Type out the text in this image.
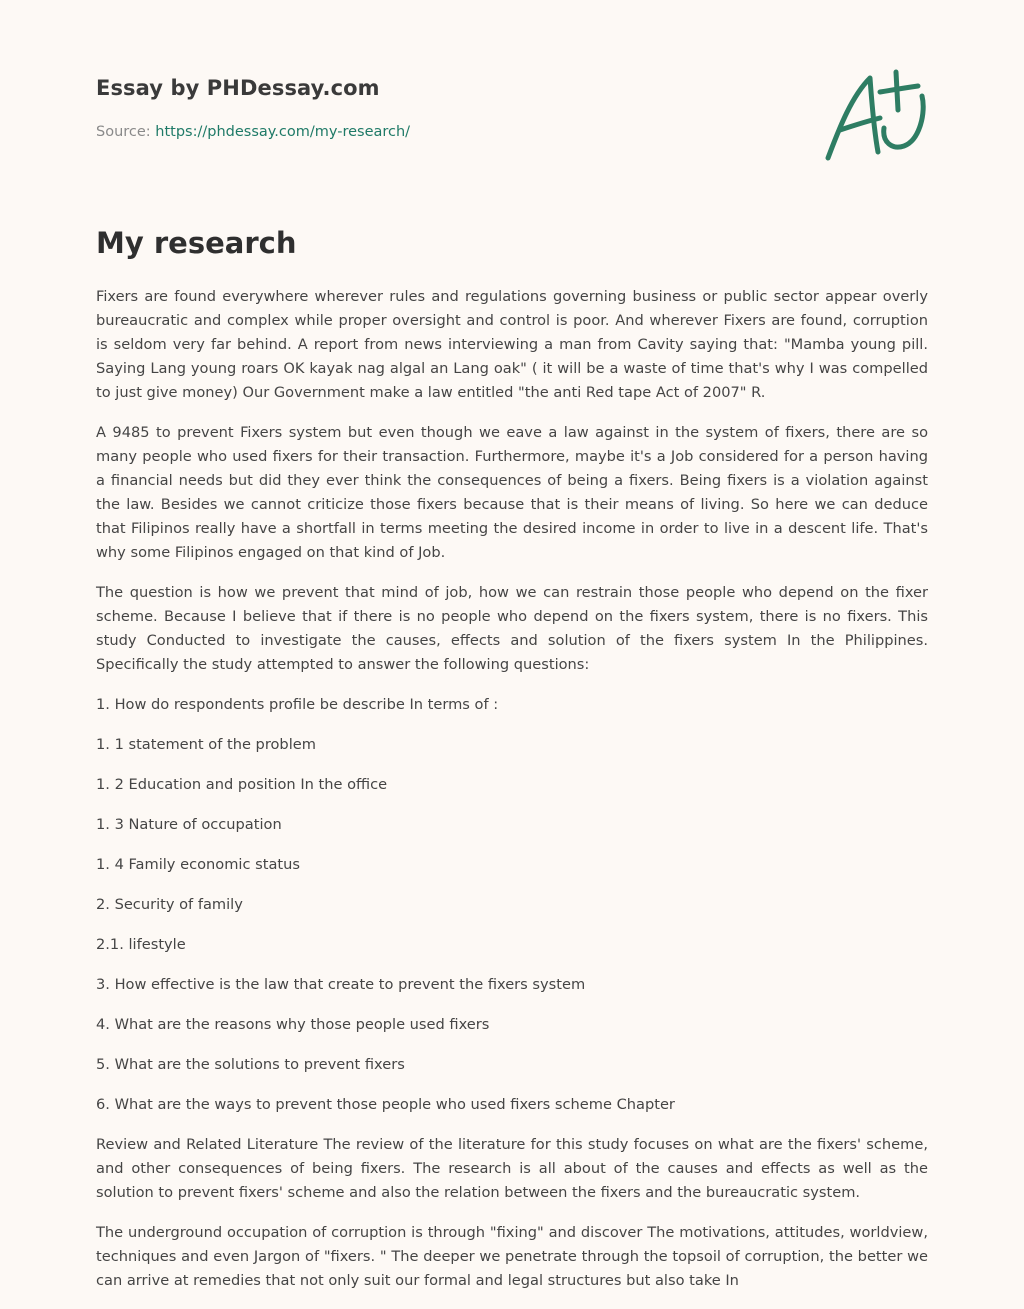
Essay by PHDessay.com
Source: https://phdessay.com/my-research/
My research

Fixers are found everywhere wherever rules and regulations governing business or public sector appear overly bureaucratic and complex while proper oversight and control is poor. And wherever Fixers are found, corruption is seldom very far behind. A report from news interviewing a man from Cavity saying that: "Mamba young pill. Saying Lang young roars OK kayak nag algal an Lang oak" ( it will be a waste of time that's why I was compelled to just give money) Our Government make a law entitled "the anti Red tape Act of 2007" R.

A 9485 to prevent Fixers system but even though we eave a law against in the system of fixers, there are so many people who used fixers for their transaction. Furthermore, maybe it's a Job considered for a person having a financial needs but did they ever think the consequences of being a fixers. Being fixers is a violation against the law. Besides we cannot criticize those fixers because that is their means of living. So here we can deduce that Filipinos really have a shortfall in terms meeting the desired income in order to live in a descent life. That's why some Filipinos engaged on that kind of Job.

The question is how we prevent that mind of job, how we can restrain those people who depend on the fixer scheme. Because I believe that if there is no people who depend on the fixers system, there is no fixers. This study Conducted to investigate the causes, effects and solution of the fixers system In the Philippines. Specifically the study attempted to answer the following questions:

1. How do respondents profile be describe In terms of :

1. 1 statement of the problem

1. 2 Education and position In the office

1. 3 Nature of occupation

1. 4 Family economic status

2. Security of family

2.1. lifestyle

3. How effective is the law that create to prevent the fixers system

4. What are the reasons why those people used fixers

5. What are the solutions to prevent fixers

6. What are the ways to prevent those people who used fixers scheme Chapter

Review and Related Literature The review of the literature for this study focuses on what are the fixers' scheme, and other consequences of being fixers. The research is all about of the causes and effects as well as the solution to prevent fixers' scheme and also the relation between the fixers and the bureaucratic system.

The underground occupation of corruption is through "fixing" and discover The motivations, attitudes, worldview, techniques and even Jargon of "fixers. " The deeper we penetrate through the topsoil of corruption, the better we can arrive at remedies that not only suit our formal and legal structures but also take In
